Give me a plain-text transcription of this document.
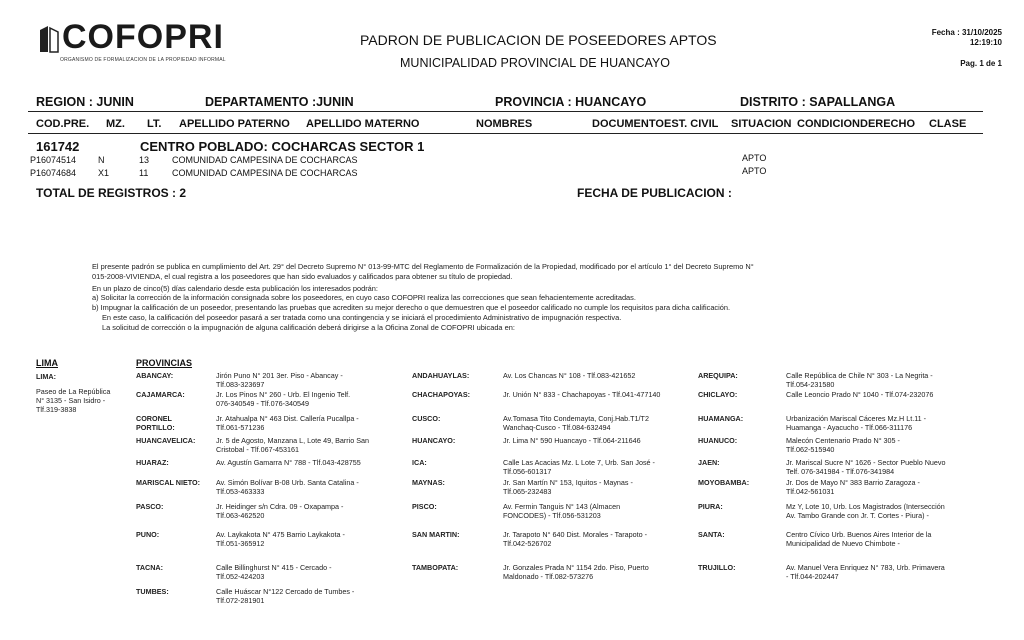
COFOPRI
ORGANISMO DE FORMALIZACION DE LA PROPIEDAD INFORMAL
PADRON DE PUBLICACION DE POSEEDORES APTOS
MUNICIPALIDAD PROVINCIAL DE HUANCAYO
Fecha : 31/10/2025
12:19:10
Pag. 1 de 1
REGION : JUNIN	DEPARTAMENTO :JUNIN	PROVINCIA : HUANCAYO	DISTRITO : SAPALLANGA
COD.PRE. MZ. LT. APELLIDO PATERNO APELLIDO MATERNO	NOMBRES	DOCUMENTO EST. CIVIL SITUACION CONDICION DERECHO CLASE
161742	CENTRO POBLADO: COCHARCAS SECTOR 1
P16074514 N	13	COMUNIDAD CAMPESINA DE COCHARCAS	APTO
P16074684 X1	11	COMUNIDAD CAMPESINA DE COCHARCAS	APTO
TOTAL DE REGISTROS : 2	FECHA DE PUBLICACION :
El presente padrón se publica en cumplimiento del Art. 29° del Decreto Supremo N° 013-99-MTC del Reglamento de Formalización de la Propiedad, modificado por el artículo 1° del Decreto Supremo N°
015-2008-VIVIENDA, el cual registra a los poseedores que han sido evaluados y calificados para obtener su título de propiedad.
En un plazo de cinco(5) días calendario desde esta publicación los interesados podrán:
a) Solicitar la corrección de la información consignada sobre los poseedores, en cuyo caso COFOPRI realiza las correcciones que sean fehacientemente acreditadas.
b) Impugnar la calificación de un poseedor, presentando las pruebas que acrediten su mejor derecho o que demuestren que el poseedor calificado no cumple los requisitos para dicha calificación.
En este caso, la calificación del poseedor pasará a ser tratada como una contingencia y se iniciará el procedimiento Administrativo de impugnación respectiva.
La solicitud de corrección o la impugnación de alguna calificación deberá dirigirse a la Oficina Zonal de COFOPRI ubicada en:
LIMA	PROVINCIAS
LIMA:
Paseo de La República
N° 3135 - San Isidro -
Tlf.319-3838
ABANCAY:	Jirón Puno N° 201 3er. Piso - Abancay -
Tlf.083-323697
ANDAHUAYLAS:	Av. Los Chancas N° 108 - Tlf.083-421652	AREQUIPA:	Calle República de Chile N° 303 - La Negrita -
Tlf.054-231580
CAJAMARCA:	Jr. Los Pinos N° 260 - Urb. El Ingenio Telf.
076-340549 - Tlf.076-340549
CHACHAPOYAS:	Jr. Unión N° 833 - Chachapoyas - Tlf.041-477140	CHICLAYO:	Calle Leoncio Prado N° 1040 - Tlf.074-232076
CORONEL
PORTILLO:
Jr. Atahualpa N° 463 Dist. Callería Pucallpa -
Tlf.061-571236
CUSCO:	Av.Tomasa Tito Condemayta, Conj.Hab.T1/T2
Wanchaq-Cusco - Tlf.084-632494
HUAMANGA:	Urbanización Mariscal Cáceres Mz.H Lt.11 -
Huamanga - Ayacucho - Tlf.066-311176
HUANCAVELICA:	Jr. 5 de Agosto, Manzana L, Lote 49, Barrio San
Cristobal - Tlf.067-453161
HUANCAYO:	Jr. Lima N° 590 Huancayo - Tlf.064-211646	HUANUCO:	Malecón Centenario Prado N° 305 -
Tlf.062-515940
HUARAZ:	Av. Agustín Gamarra N° 788 - Tlf.043-428755	ICA:	Calle Las Acacias Mz. L Lote 7, Urb. San José -
Tlf.056-601317
JAEN:	Jr. Mariscal Sucre N° 1626 - Sector Pueblo Nuevo
Telf. 076-341984 - Tlf.076-341984
MARISCAL NIETO:	Av. Simón Bolívar B-08 Urb. Santa Catalina -
Tlf.053-463333
MAYNAS:	Jr. San Martín N° 153, Iquitos - Maynas -
Tlf.065-232483
MOYOBAMBA:	Jr. Dos de Mayo N° 383 Barrio Zaragoza -
Tlf.042-561031
PASCO:	Jr. Heidinger s/n Cdra. 09 - Oxapampa -
Tlf.063-462520
PISCO:	Av. Fermin Tanguis N° 143 (Almacen
FONCODES) - Tlf.056-531203
PIURA:	Mz Y, Lote 10, Urb. Los Magistrados (Intersección
Av. Tambo Grande con Jr. T. Cortes - Piura) -
PUNO:	Av. Laykakota N° 475 Barrio Laykakota -
Tlf.051-365912
SAN MARTIN:	Jr. Tarapoto N° 640 Dist. Morales - Tarapoto -
Tlf.042-526702
SANTA:	Centro Cívico Urb. Buenos Aires Interior de la
Municipalidad de Nuevo Chimbote -
TACNA:	Calle Billinghurst N° 415 - Cercado -
Tlf.052-424203
TAMBOPATA:	Jr. Gonzales Prada N° 1154 2do. Piso, Puerto
Maldonado - Tlf.082-573276
TRUJILLO:	Av. Manuel Vera Enriquez N° 783, Urb. Primavera
- Tlf.044-202447
TUMBES:	Calle Huáscar N°122 Cercado de Tumbes -
Tlf.072-281901
